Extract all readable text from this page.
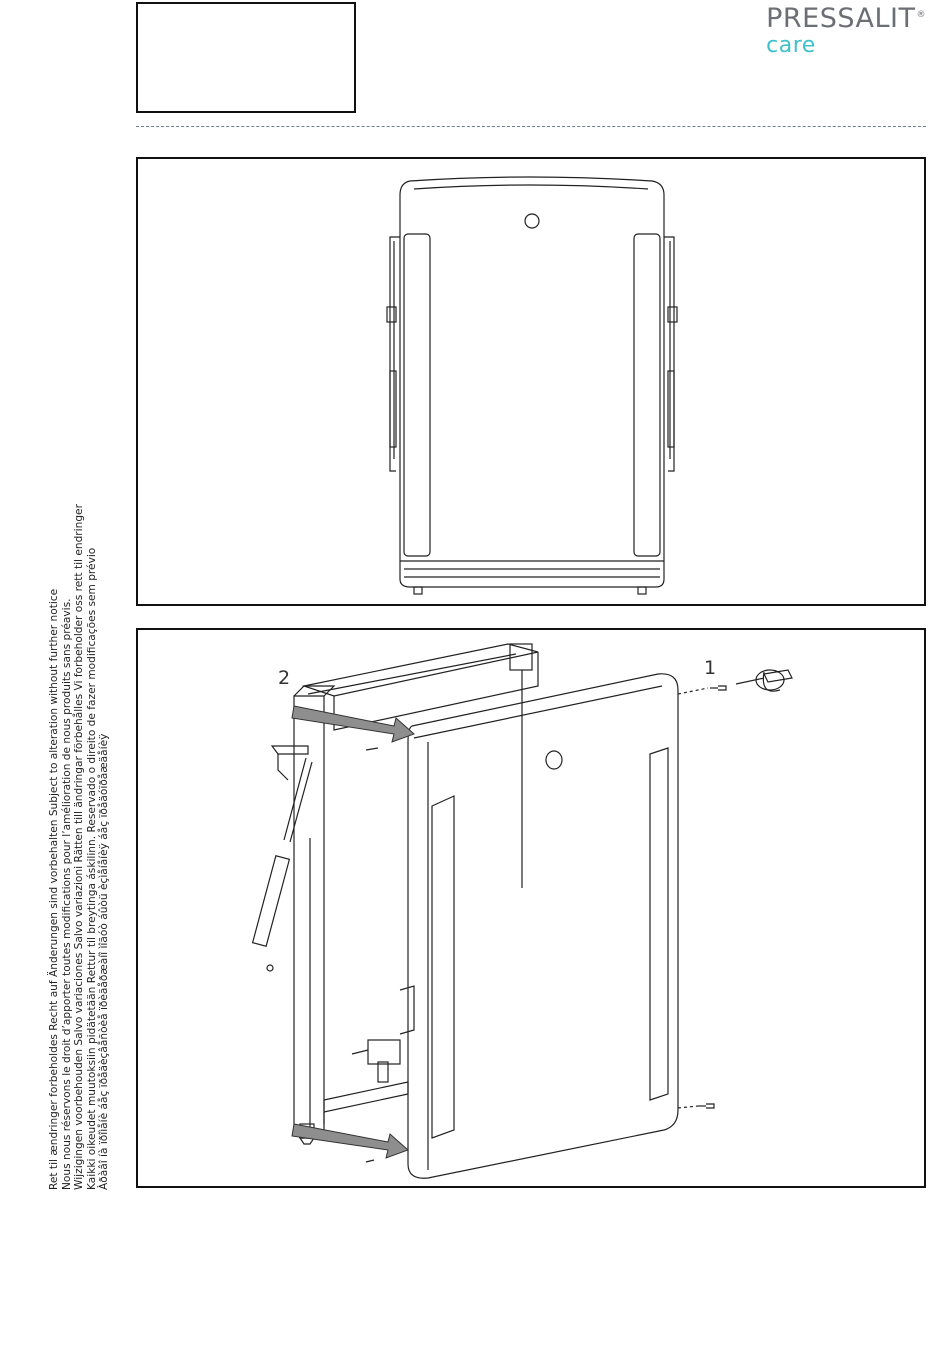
PRESSALIT®
care
Ret til ændringer forbeholdes Recht auf Änderungen sind vorbehalten Subject to alteration without further notice Nous nous réservons le droit d’apporter toutes modifications pour l’amélioration de nous produits sans préavis. Wijzigingen voorbehouden Salvo variaciones Salvo variazioni Rätten till ändringar förbehålles Vi forbeholder oss rett til endringer Kaikki oikeudet muutoksiin pidätetään Rettur til breytinga áskilinn. Reservado o direito de fazer modificações sem prévio Àðàâî íà ïðîìåíè áåç ïðåäèçâåñòèå ïðèäåðæàíî ìîãóò áûòü èçìåíåíèÿ áåç ïðåäóïðåæäåíèÿ
2	1
